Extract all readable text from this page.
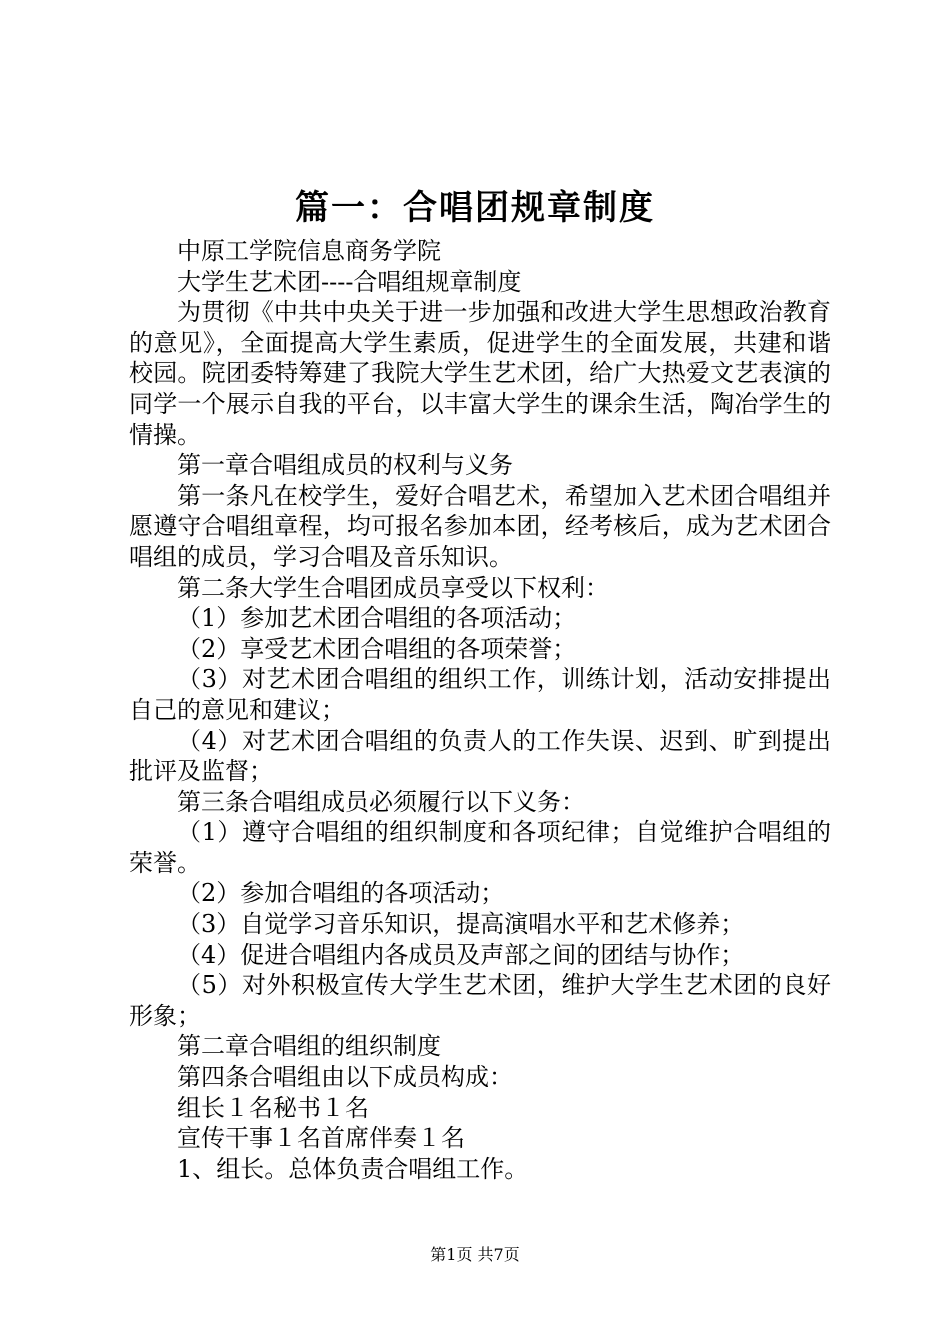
篇一：合唱团规章制度

中原工学院信息商务学院

大学生艺术团----合唱组规章制度

为贯彻《中共中央关于进一步加强和改进大学生思想政治教育的意见》，全面提高大学生素质，促进学生的全面发展，共建和谐校园。院团委特筹建了我院大学生艺术团，给广大热爱文艺表演的同学一个展示自我的平台，以丰富大学生的课余生活，陶冶学生的情操。

第一章合唱组成员的权利与义务

第一条凡在校学生，爱好合唱艺术，希望加入艺术团合唱组并愿遵守合唱组章程，均可报名参加本团，经考核后，成为艺术团合唱组的成员，学习合唱及音乐知识。

第二条大学生合唱团成员享受以下权利：

（1）参加艺术团合唱组的各项活动；

（2）享受艺术团合唱组的各项荣誉；

（3）对艺术团合唱组的组织工作，训练计划，活动安排提出自己的意见和建议；

（4）对艺术团合唱组的负责人的工作失误、迟到、旷到提出批评及监督；

第三条合唱组成员必须履行以下义务：

（1）遵守合唱组的组织制度和各项纪律；自觉维护合唱组的荣誉。

（2）参加合唱组的各项活动；

（3）自觉学习音乐知识，提高演唱水平和艺术修养；

（4）促进合唱组内各成员及声部之间的团结与协作；

（5）对外积极宣传大学生艺术团，维护大学生艺术团的良好形象；

第二章合唱组的组织制度

第四条合唱组由以下成员构成：

组长１名秘书１名

宣传干事１名首席伴奏１名

1、组长。总体负责合唱组工作。

第1页 共7页
